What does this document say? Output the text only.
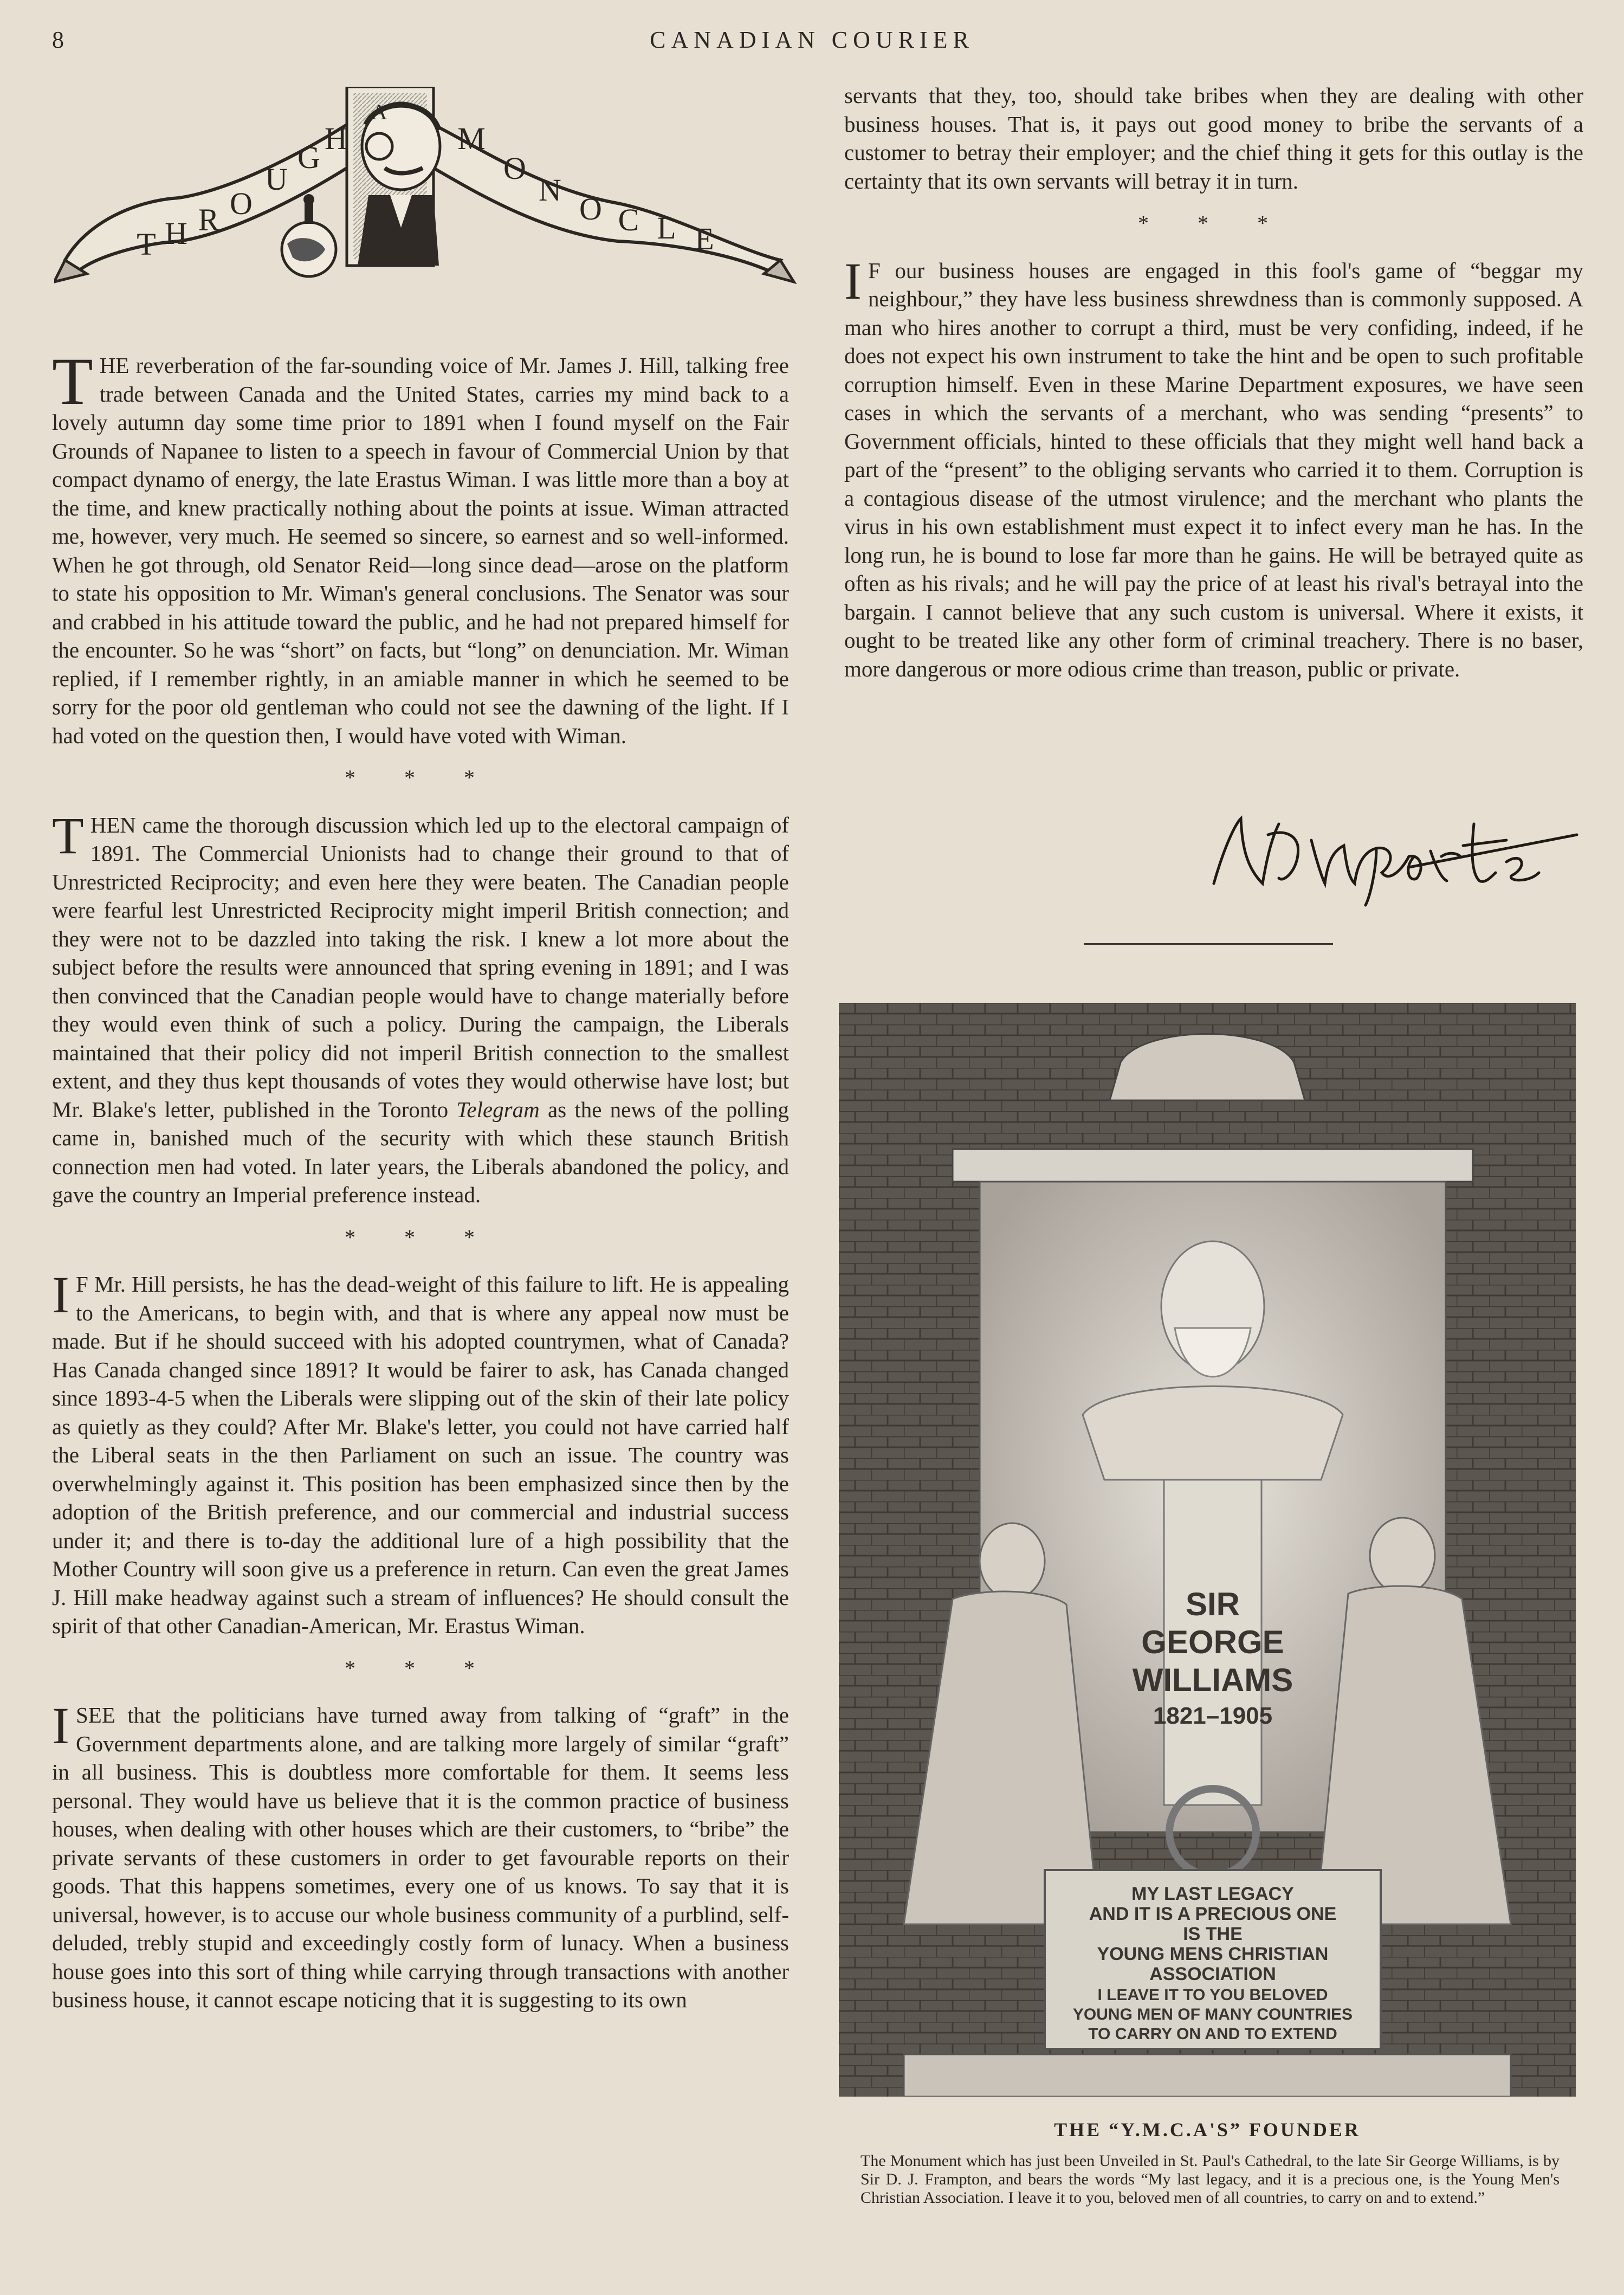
8	CANADIAN COURIER
T H R O
U
G
H
A
M
O
N
O C L E

THE reverberation of the far-sounding voice of Mr. James J. Hill, talking free trade between Canada and the United States, carries my mind back to a lovely autumn day some time prior to 1891 when I found myself on the Fair Grounds of Napanee to listen to a speech in favour of Commercial Union by that compact dynamo of energy, the late Erastus Wiman. I was little more than a boy at the time, and knew practically nothing about the points at issue. Wiman attracted me, however, very much. He seemed so sincere, so earnest and so well-informed. When he got through, old Senator Reid—long since dead—arose on the platform to state his opposition to Mr. Wiman's general conclusions. The Senator was sour and crabbed in his attitude toward the public, and he had not prepared himself for the encounter. So he was “short” on facts, but “long” on denunciation. Mr. Wiman replied, if I remember rightly, in an amiable manner in which he seemed to be sorry for the poor old gentleman who could not see the dawning of the light. If I had voted on the question then, I would have voted with Wiman.

* * *

THEN came the thorough discussion which led up to the electoral campaign of 1891. The Commercial Unionists had to change their ground to that of Unrestricted Reciprocity; and even here they were beaten. The Canadian people were fearful lest Unrestricted Reciprocity might imperil British connection; and they were not to be dazzled into taking the risk. I knew a lot more about the subject before the results were announced that spring evening in 1891; and I was then convinced that the Canadian people would have to change materially before they would even think of such a policy. During the campaign, the Liberals maintained that their policy did not imperil British connection to the smallest extent, and they thus kept thousands of votes they would otherwise have lost; but Mr. Blake's letter, published in the Toronto Telegram as the news of the polling came in, banished much of the security with which these staunch British connection men had voted. In later years, the Liberals abandoned the policy, and gave the country an Imperial preference instead.

* * *

I F Mr. Hill persists, he has the dead-weight of this failure to lift. He is appealing to the Americans, to begin with, and that is where any appeal now must be made. But if he should succeed with his adopted countrymen, what of Canada? Has Canada changed since 1891? It would be fairer to ask, has Canada changed since 1893-4-5 when the Liberals were slipping out of the skin of their late policy as quietly as they could? After Mr. Blake's letter, you could not have carried half the Liberal seats in the then Parliament on such an issue. The country was overwhelmingly against it. This position has been emphasized since then by the adoption of the British preference, and our commercial and industrial success under it; and there is to-day the additional lure of a high possibility that the Mother Country will soon give us a preference in return. Can even the great James J. Hill make headway against such a stream of influences? He should consult the spirit of that other Canadian-American, Mr. Erastus Wiman.

* * *

I SEE that the politicians have turned away from talking of “graft” in the Government departments alone, and are talking more largely of similar “graft” in all business. This is doubtless more comfortable for them. It seems less personal. They would have us believe that it is the common practice of business houses, when dealing with other houses which are their customers, to “bribe” the private servants of these customers in order to get favourable reports on their goods. That this happens sometimes, every one of us knows. To say that it is universal, however, is to accuse our whole business community of a purblind, self-deluded, trebly stupid and exceedingly costly form of lunacy. When a business house goes into this sort of thing while carrying through transactions with another business house, it cannot escape noticing that it is suggesting to its own

servants that they, too, should take bribes when they are dealing with other business houses. That is, it pays out good money to bribe the servants of a customer to betray their employer; and the chief thing it gets for this outlay is the certainty that its own servants will betray it in turn.

* * *

I F our business houses are engaged in this fool's game of “beggar my neighbour,” they have less business shrewdness than is commonly supposed. A man who hires another to corrupt a third, must be very confiding, indeed, if he does not expect his own instrument to take the hint and be open to such profitable corruption himself. Even in these Marine Department exposures, we have seen cases in which the servants of a merchant, who was sending “presents” to Government officials, hinted to these officials that they might well hand back a part of the “present” to the obliging servants who carried it to them. Corruption is a contagious disease of the utmost virulence; and the merchant who plants the virus in his own establishment must expect it to infect every man he has. In the long run, he is bound to lose far more than he gains. He will be betrayed quite as often as his rivals; and he will pay the price of at least his rival's betrayal into the bargain. I cannot believe that any such custom is universal. Where it exists, it ought to be treated like any other form of criminal treachery. There is no baser, more dangerous or more odious crime than treason, public or private.

SIR
GEORGE
WILLIAMS
1821–1905
MY LAST LEGACY
AND IT IS A PRECIOUS ONE
IS THE
YOUNG MENS CHRISTIAN
ASSOCIATION
I LEAVE IT TO YOU BELOVED
YOUNG MEN OF MANY COUNTRIES
TO CARRY ON AND TO EXTEND
THE “Y.M.C.A'S” FOUNDER
The Monument which has just been Unveiled in St. Paul's Cathedral, to the late Sir George Williams, is by Sir D. J. Frampton, and bears the words “My last legacy, and it is a precious one, is the Young Men's Christian Association. I leave it to you, beloved men of all countries, to carry on and to extend.”
